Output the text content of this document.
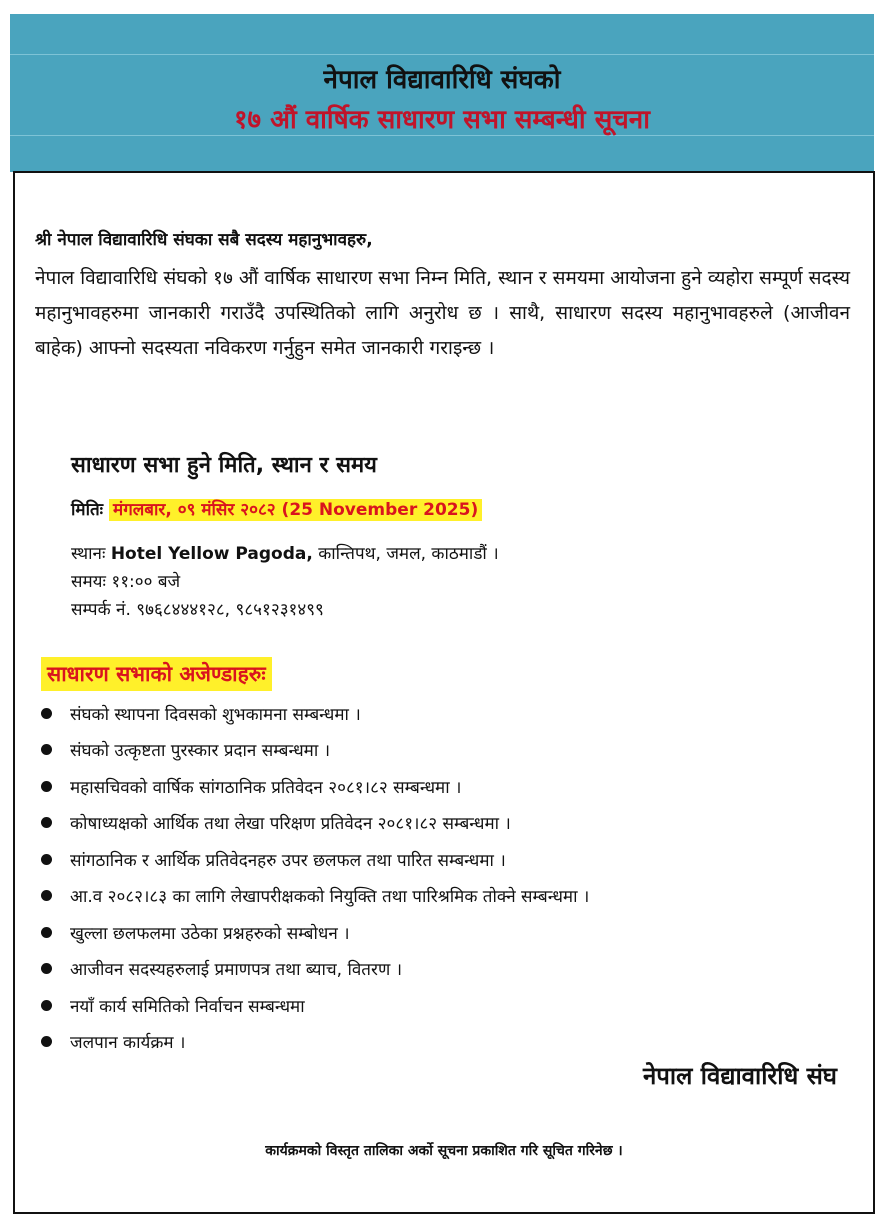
नेपाल विद्यावारिधि संघको
१७ औं वार्षिक साधारण सभा सम्बन्धी सूचना
श्री नेपाल विद्यावारिधि संघका सबै सदस्य महानुभावहरु,
नेपाल विद्यावारिधि संघको १७ औं वार्षिक साधारण सभा निम्न मिति, स्थान र समयमा आयोजना हुने व्यहोरा सम्पूर्ण सदस्य महानुभावहरुमा जानकारी गराउँदै उपस्थितिको लागि अनुरोध छ । साथै, साधारण सदस्य महानुभावहरुले (आजीवन बाहेक) आफ्नो सदस्यता नविकरण गर्नुहुन समेत जानकारी गराइन्छ ।
साधारण सभा हुने मिति, स्थान र समय
मितिः मंगलबार, ०९ मंसिर २०८२ (25 November 2025)
स्थानः Hotel Yellow Pagoda, कान्तिपथ, जमल, काठमाडौं ।
समयः ११:०० बजे
सम्पर्क नं. ९७६८४४४१२८, ९८५१२३१४९९
साधारण सभाको अजेण्डाहरुः
संघको स्थापना दिवसको शुभकामना सम्बन्धमा ।
संघको उत्कृष्टता पुरस्कार प्रदान सम्बन्धमा ।
महासचिवको वार्षिक सांगठानिक प्रतिवेदन २०८१।८२ सम्बन्धमा ।
कोषाध्यक्षको आर्थिक तथा लेखा परिक्षण प्रतिवेदन २०८१।८२ सम्बन्धमा ।
सांगठानिक र आर्थिक प्रतिवेदनहरु उपर छलफल तथा पारित सम्बन्धमा ।
आ.व २०८२।८३ का लागि लेखापरीक्षकको नियुक्ति तथा पारिश्रमिक तोक्ने सम्बन्धमा ।
खुल्ला छलफलमा उठेका प्रश्नहरुको सम्बोधन ।
आजीवन सदस्यहरुलाई प्रमाणपत्र तथा ब्याच, वितरण ।
नयाँ कार्य समितिको निर्वाचन सम्बन्धमा
जलपान कार्यक्रम ।
नेपाल विद्यावारिधि संघ
कार्यक्रमको विस्तृत तालिका अर्को सूचना प्रकाशित गरि सूचित गरिनेछ ।
